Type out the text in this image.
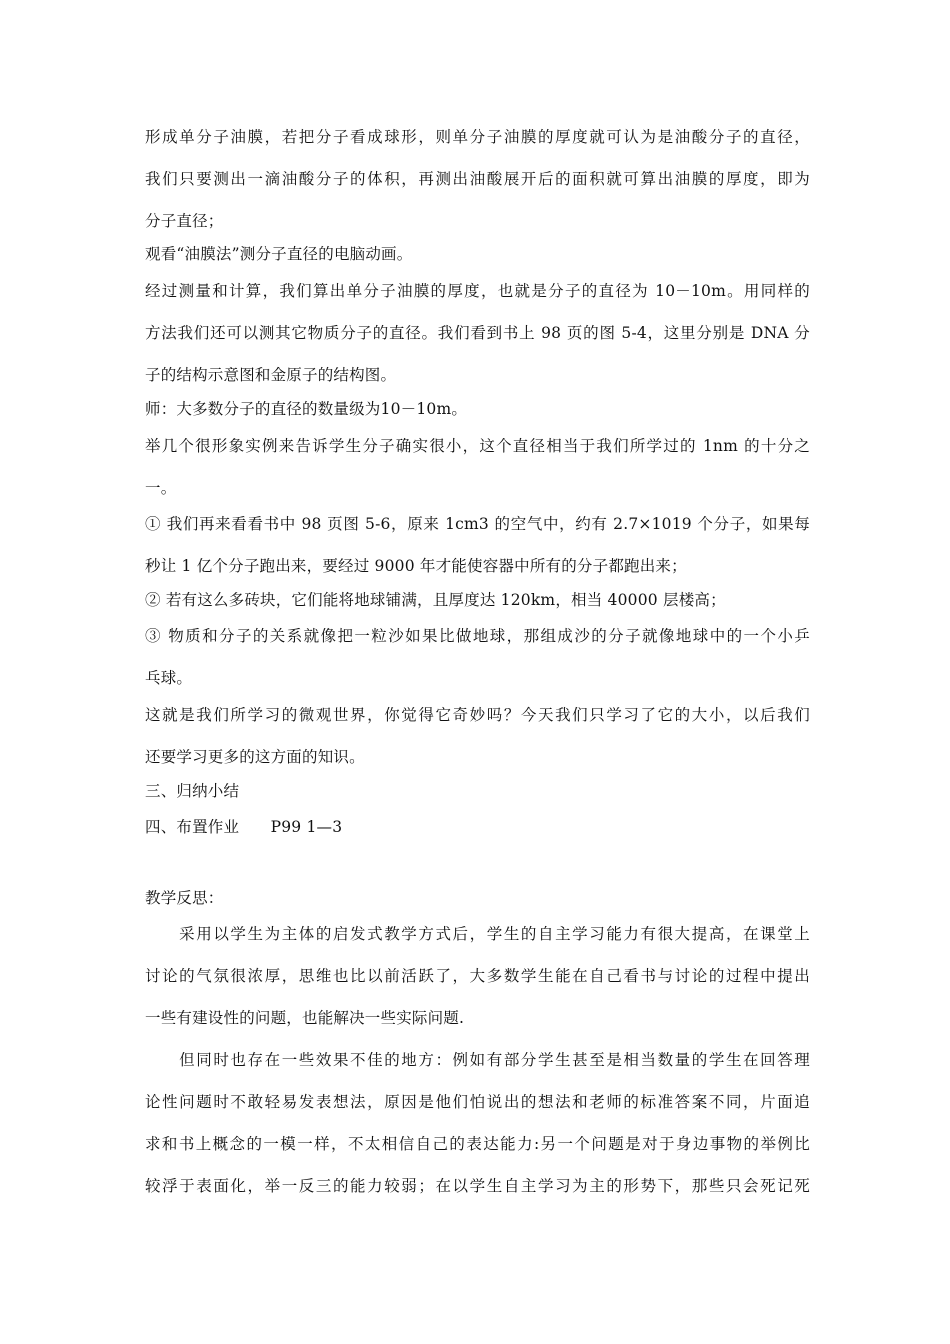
形成单分子油膜，若把分子看成球形，则单分子油膜的厚度就可认为是油酸分子的直径，
我们只要测出一滴油酸分子的体积，再测出油酸展开后的面积就可算出油膜的厚度，即为
分子直径；
观看“油膜法”测分子直径的电脑动画。
经过测量和计算，我们算出单分子油膜的厚度，也就是分子的直径为 10－10m。用同样的
方法我们还可以测其它物质分子的直径。我们看到书上 98 页的图 5-4，这里分别是 DNA 分
子的结构示意图和金原子的结构图。
师：大多数分子的直径的数量级为10－10m。
举几个很形象实例来告诉学生分子确实很小，这个直径相当于我们所学过的 1nm 的十分之
一。
① 我们再来看看书中 98 页图 5-6，原来 1cm3 的空气中，约有 2.7×1019 个分子，如果每
秒让 1 亿个分子跑出来，要经过 9000 年才能使容器中所有的分子都跑出来；
② 若有这么多砖块，它们能将地球铺满，且厚度达 120km，相当 40000 层楼高；
③ 物质和分子的关系就像把一粒沙如果比做地球，那组成沙的分子就像地球中的一个小乒
乓球。
这就是我们所学习的微观世界，你觉得它奇妙吗？今天我们只学习了它的大小，以后我们
还要学习更多的这方面的知识。
三、归纳小结
四、布置作业　　P99 1—3
教学反思：
　　采用以学生为主体的启发式教学方式后，学生的自主学习能力有很大提高，在课堂上
讨论的气氛很浓厚，思维也比以前活跃了，大多数学生能在自己看书与讨论的过程中提出
一些有建设性的问题，也能解决一些实际问题.
　　但同时也存在一些效果不佳的地方：例如有部分学生甚至是相当数量的学生在回答理
论性问题时不敢轻易发表想法，原因是他们怕说出的想法和老师的标准答案不同，片面追
求和书上概念的一模一样，不太相信自己的表达能力:另一个问题是对于身边事物的举例比
较浮于表面化，举一反三的能力较弱；在以学生自主学习为主的形势下，那些只会死记死
